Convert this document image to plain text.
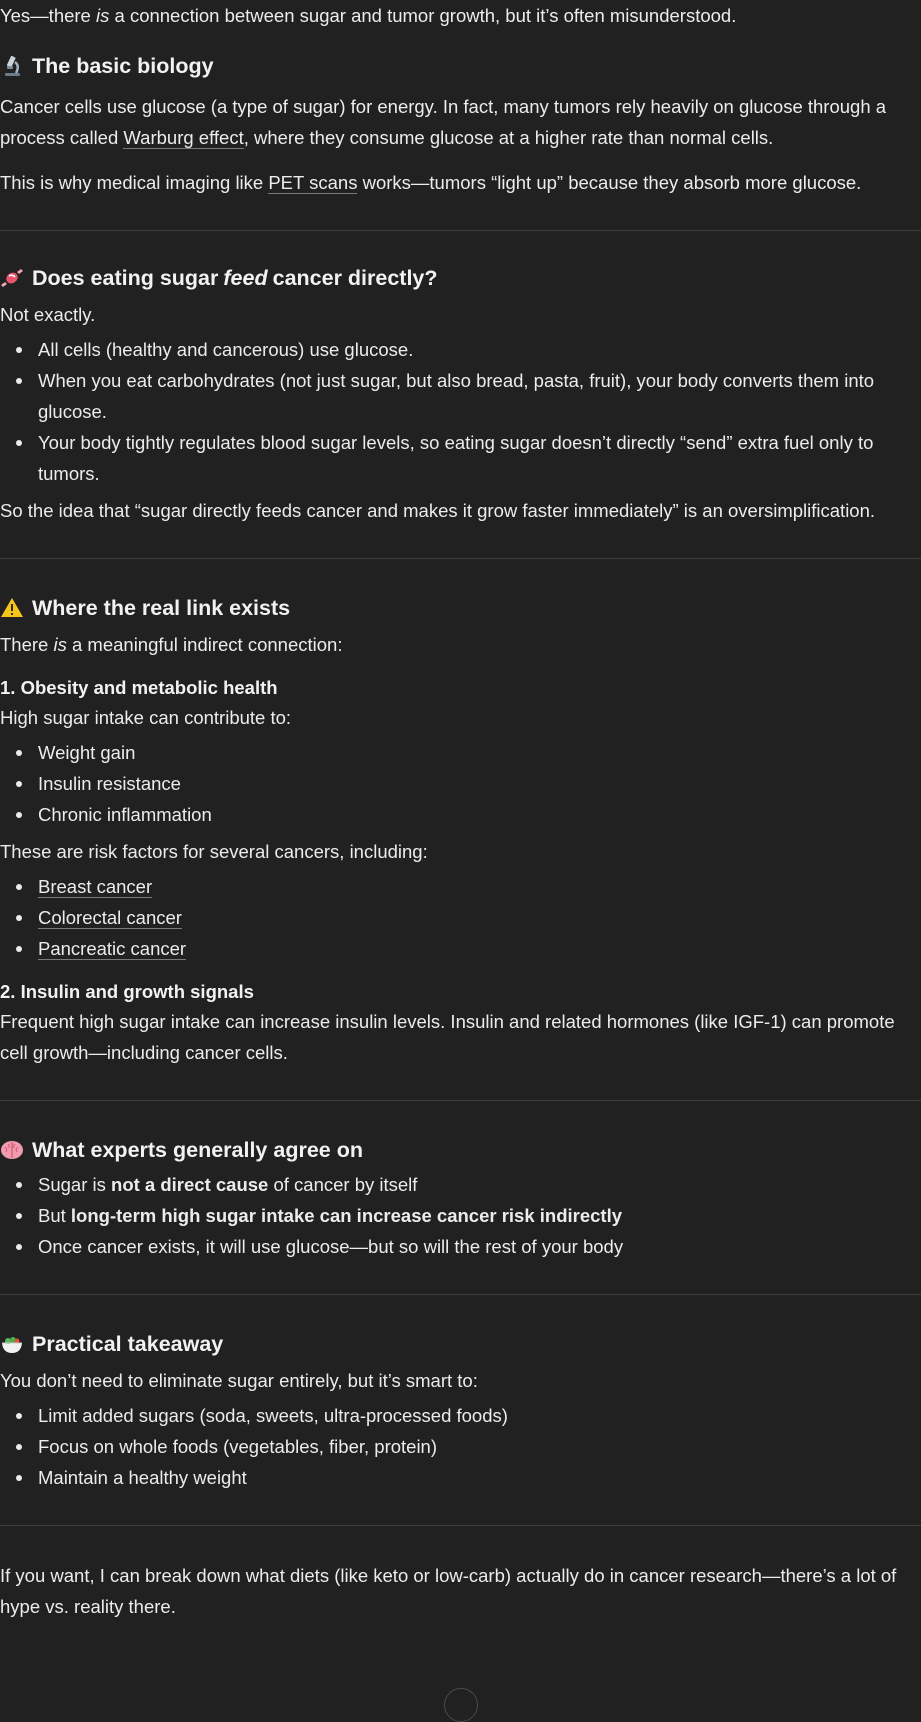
Yes—there is a connection between sugar and tumor growth, but it’s often misunderstood.

The basic biology

Cancer cells use glucose (a type of sugar) for energy. In fact, many tumors rely heavily on glucose through a process called Warburg effect, where they consume glucose at a higher rate than normal cells.

This is why medical imaging like PET scans works—tumors “light up” because they absorb more glucose.

Does eating sugar feed cancer directly?

Not exactly.

All cells (healthy and cancerous) use glucose.
When you eat carbohydrates (not just sugar, but also bread, pasta, fruit), your body converts them into glucose.
Your body tightly regulates blood sugar levels, so eating sugar doesn’t directly “send” extra fuel only to tumors.

So the idea that “sugar directly feeds cancer and makes it grow faster immediately” is an oversimplification.

Where the real link exists

There is a meaningful indirect connection:

1. Obesity and metabolic health

High sugar intake can contribute to:

Weight gain
Insulin resistance
Chronic inflammation

These are risk factors for several cancers, including:

Breast cancer
Colorectal cancer
Pancreatic cancer
2. Insulin and growth signals

Frequent high sugar intake can increase insulin levels. Insulin and related hormones (like IGF-1) can promote cell growth—including cancer cells.

What experts generally agree on
Sugar is not a direct cause of cancer by itself
But long-term high sugar intake can increase cancer risk indirectly
Once cancer exists, it will use glucose—but so will the rest of your body
Practical takeaway

You don’t need to eliminate sugar entirely, but it’s smart to:

Limit added sugars (soda, sweets, ultra-processed foods)
Focus on whole foods (vegetables, fiber, protein)
Maintain a healthy weight

If you want, I can break down what diets (like keto or low-carb) actually do in cancer research—there’s a lot of hype vs. reality there.
